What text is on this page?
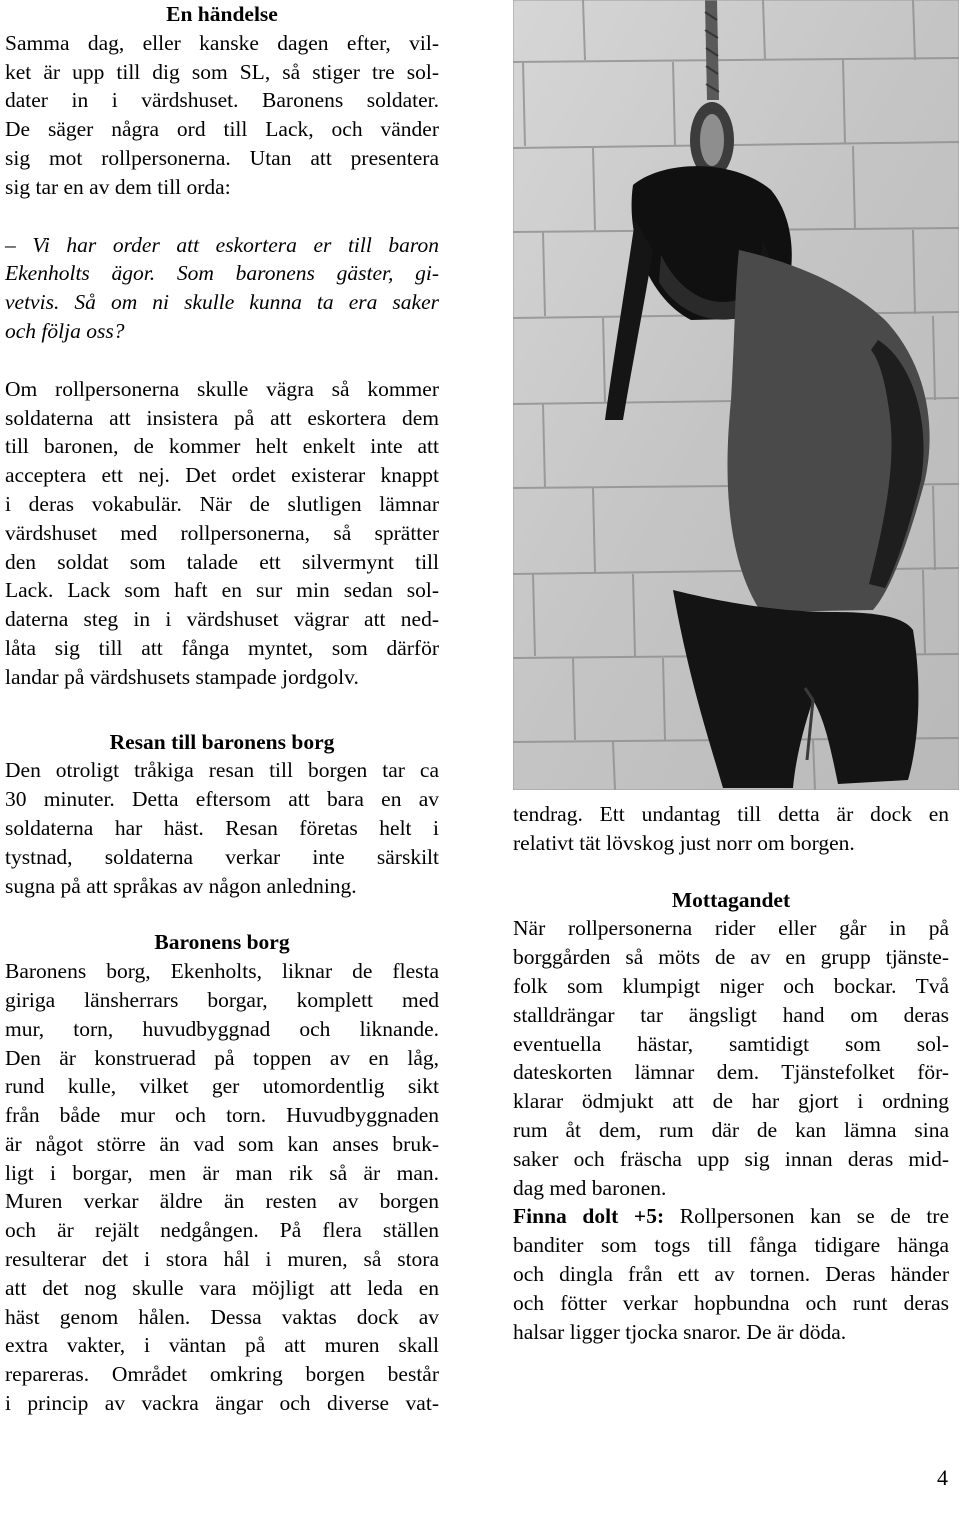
En händelse
Samma dag, eller kanske dagen efter, vil-
ket är upp till dig som SL, så stiger tre sol-
dater in i värdshuset. Baronens soldater.
De säger några ord till Lack, och vänder
sig mot rollpersonerna. Utan att presentera
sig tar en av dem till orda:
– Vi har order att eskortera er till baron
Ekenholts ägor. Som baronens gäster, gi-
vetvis. Så om ni skulle kunna ta era saker
och följa oss?
Om rollpersonerna skulle vägra så kommer
soldaterna att insistera på att eskortera dem
till baronen, de kommer helt enkelt inte att
acceptera ett nej. Det ordet existerar knappt
i deras vokabulär. När de slutligen lämnar
värdshuset med rollpersonerna, så sprätter
den soldat som talade ett silvermynt till
Lack. Lack som haft en sur min sedan sol-
daterna steg in i värdshuset vägrar att ned-
låta sig till att fånga myntet, som därför
landar på värdshusets stampade jordgolv.
Resan till baronens borg
Den otroligt tråkiga resan till borgen tar ca
30 minuter. Detta eftersom att bara en av
soldaterna har häst. Resan företas helt i
tystnad, soldaterna verkar inte särskilt
sugna på att språkas av någon anledning.
Baronens borg
Baronens borg, Ekenholts, liknar de flesta
giriga länsherrars borgar, komplett med
mur, torn, huvudbyggnad och liknande.
Den är konstruerad på toppen av en låg,
rund kulle, vilket ger utomordentlig sikt
från både mur och torn. Huvudbyggnaden
är något större än vad som kan anses bruk-
ligt i borgar, men är man rik så är man.
Muren verkar äldre än resten av borgen
och är rejält nedgången. På flera ställen
resulterar det i stora hål i muren, så stora
att det nog skulle vara möjligt att leda en
häst genom hålen. Dessa vaktas dock av
extra vakter, i väntan på att muren skall
repareras. Området omkring borgen består
i princip av vackra ängar och diverse vat-
tendrag. Ett undantag till detta är dock en
relativt tät lövskog just norr om borgen.
Mottagandet
När rollpersonerna rider eller går in på
borggården så möts de av en grupp tjänste-
folk som klumpigt niger och bockar. Två
stalldrängar tar ängsligt hand om deras
eventuella hästar, samtidigt som sol-
dateskorten lämnar dem. Tjänstefolket för-
klarar ödmjukt att de har gjort i ordning
rum åt dem, rum där de kan lämna sina
saker och fräscha upp sig innan deras mid-
dag med baronen.
Finna dolt +5: Rollpersonen kan se de tre
banditer som togs till fånga tidigare hänga
och dingla från ett av tornen. Deras händer
och fötter verkar hopbundna och runt deras
halsar ligger tjocka snaror. De är döda.
4
